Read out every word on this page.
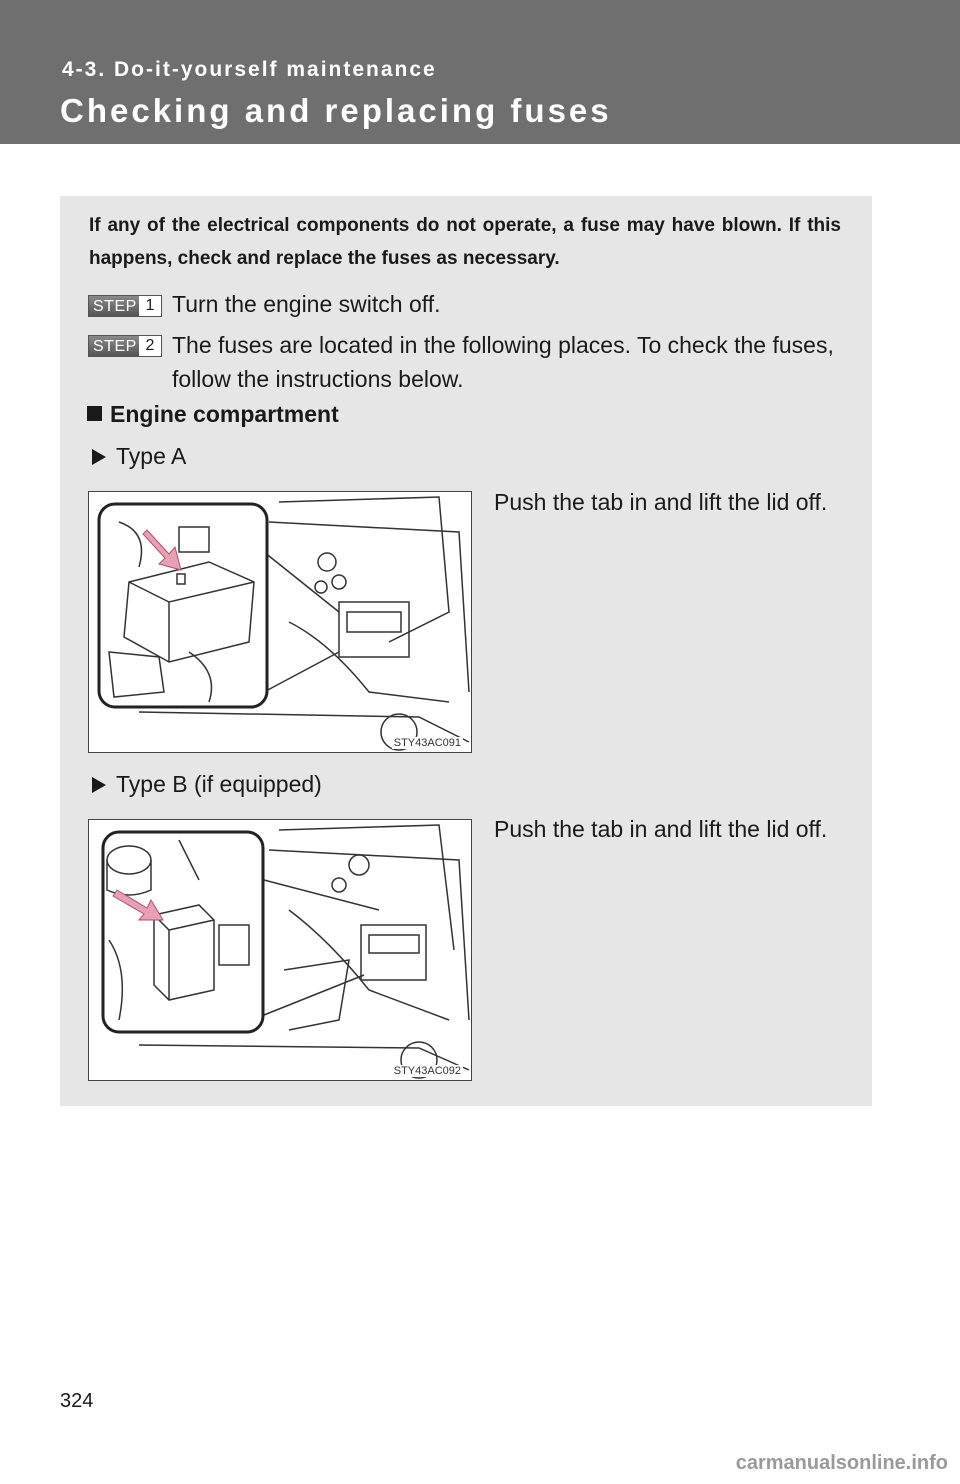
4-3. Do-it-yourself maintenance
Checking and replacing fuses
If any of the electrical components do not operate, a fuse may have blown. If this happens, check and replace the fuses as necessary.
STEP 1 Turn the engine switch off.
STEP 2 The fuses are located in the following places. To check the fuses, follow the instructions below.
Engine compartment
Type A
STY43AC091
Push the tab in and lift the lid off.
Type B (if equipped)
STY43AC092
Push the tab in and lift the lid off.
324
carmanualsonline.info
